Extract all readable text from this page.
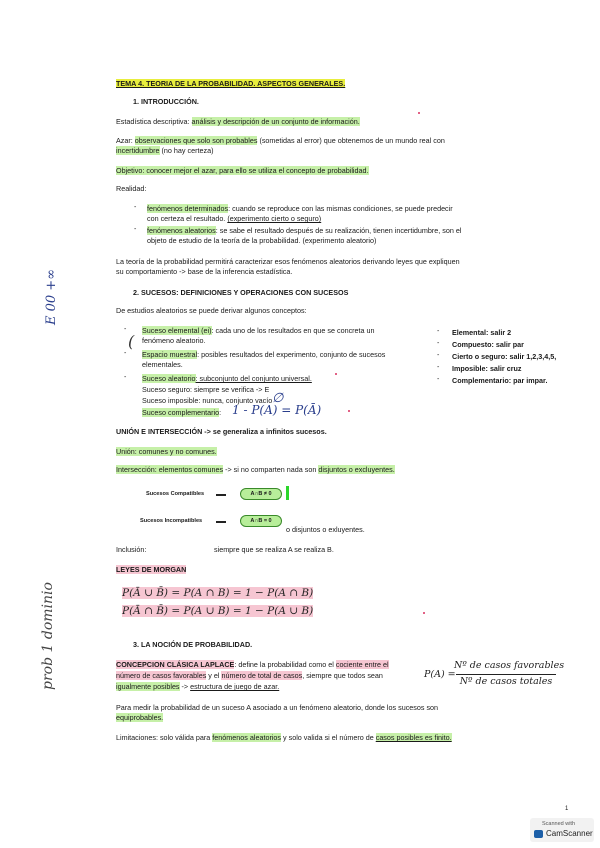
TEMA 4. TEORIA DE LA PROBABILIDAD. ASPECTOS GENERALES.
1. INTRODUCCIÓN.
Estadística descriptiva: análisis y descripción de un conjunto de información.
Azar: observaciones que solo son probables (sometidas al error) que obtenemos de un mundo real con
incertidumbre (no hay certeza)
Objetivo: conocer mejor el azar, para ello se utiliza el concepto de probabilidad.
Realidad:
- fenómenos determinados: cuando se reproduce con las mismas condiciones, se puede predecir
con certeza el resultado. (experimento cierto o seguro)
- fenómenos aleatorios: se sabe el resultado después de su realización, tienen incertidumbre, son el
objeto de estudio de la teoría de la probabilidad. (experimento aleatorio)
La teoría de la probabilidad permitirá caracterizar esos fenómenos aleatorios derivando leyes que expliquen
su comportamiento -> base de la inferencia estadística.
2. SUCESOS: DEFINICIONES Y OPERACIONES CON SUCESOS
De estudios aleatorios se puede derivar algunos conceptos:
- Suceso elemental (ei): cada uno de los resultados en que se concreta un
fenómeno aleatorio.
- Espacio muestral: posibles resultados del experimento, conjunto de sucesos
elementales.
- Suceso aleatorio: subconjunto del conjunto universal.
Suceso seguro: siempre se verifica -> E
Suceso imposible: nunca, conjunto vacío ∅
Suceso complementario: 1 - P(A) = P(Ā)
- Elemental: salir 2
- Compuesto: salir par
- Cierto o seguro: salir 1,2,3,4,5,
- Imposible: salir cruz
- Complementario: par impar.
UNIÓN E INTERSECCIÓN -> se generaliza a infinitos sucesos.
Unión: comunes y no comunes.
Intersección: elementos comunes -> si no comparten nada son disjuntos o excluyentes.
Sucesos Compatibles	A∩B ≠ 0
Sucesos Incompatibles	A∩B = 0
o disjuntos o exluyentes.
Inclusión:	siempre que se realiza A se realiza B.
LEYES DE MORGAN
P(Ā ∪ B̄) = P(A ∩ B) = 1 − P(A ∩ B)
P(Ā ∩ B̄) = P(A ∪ B) = 1 − P(A ∪ B)
3. LA NOCIÓN DE PROBABILIDAD.
CONCEPCION CLÁSICA LAPLACE: define la probabilidad como el cociente entre el
número de casos favorables y el número de total de casos, siempre que todos sean
igualmente posibles -> estructura de juego de azar.
P(A) =
Nº de casos favorables
Nº de casos totales
Para medir la probabilidad de un suceso A asociado a un fenómeno aleatorio, donde los sucesos son
equiprobables.
Limitaciones: solo válida para fenómenos aleatorios y solo valida si el número de casos posibles es finito.
E 00 +∞
(
prob 1 dominio
1
Scanned with
CamScanner
